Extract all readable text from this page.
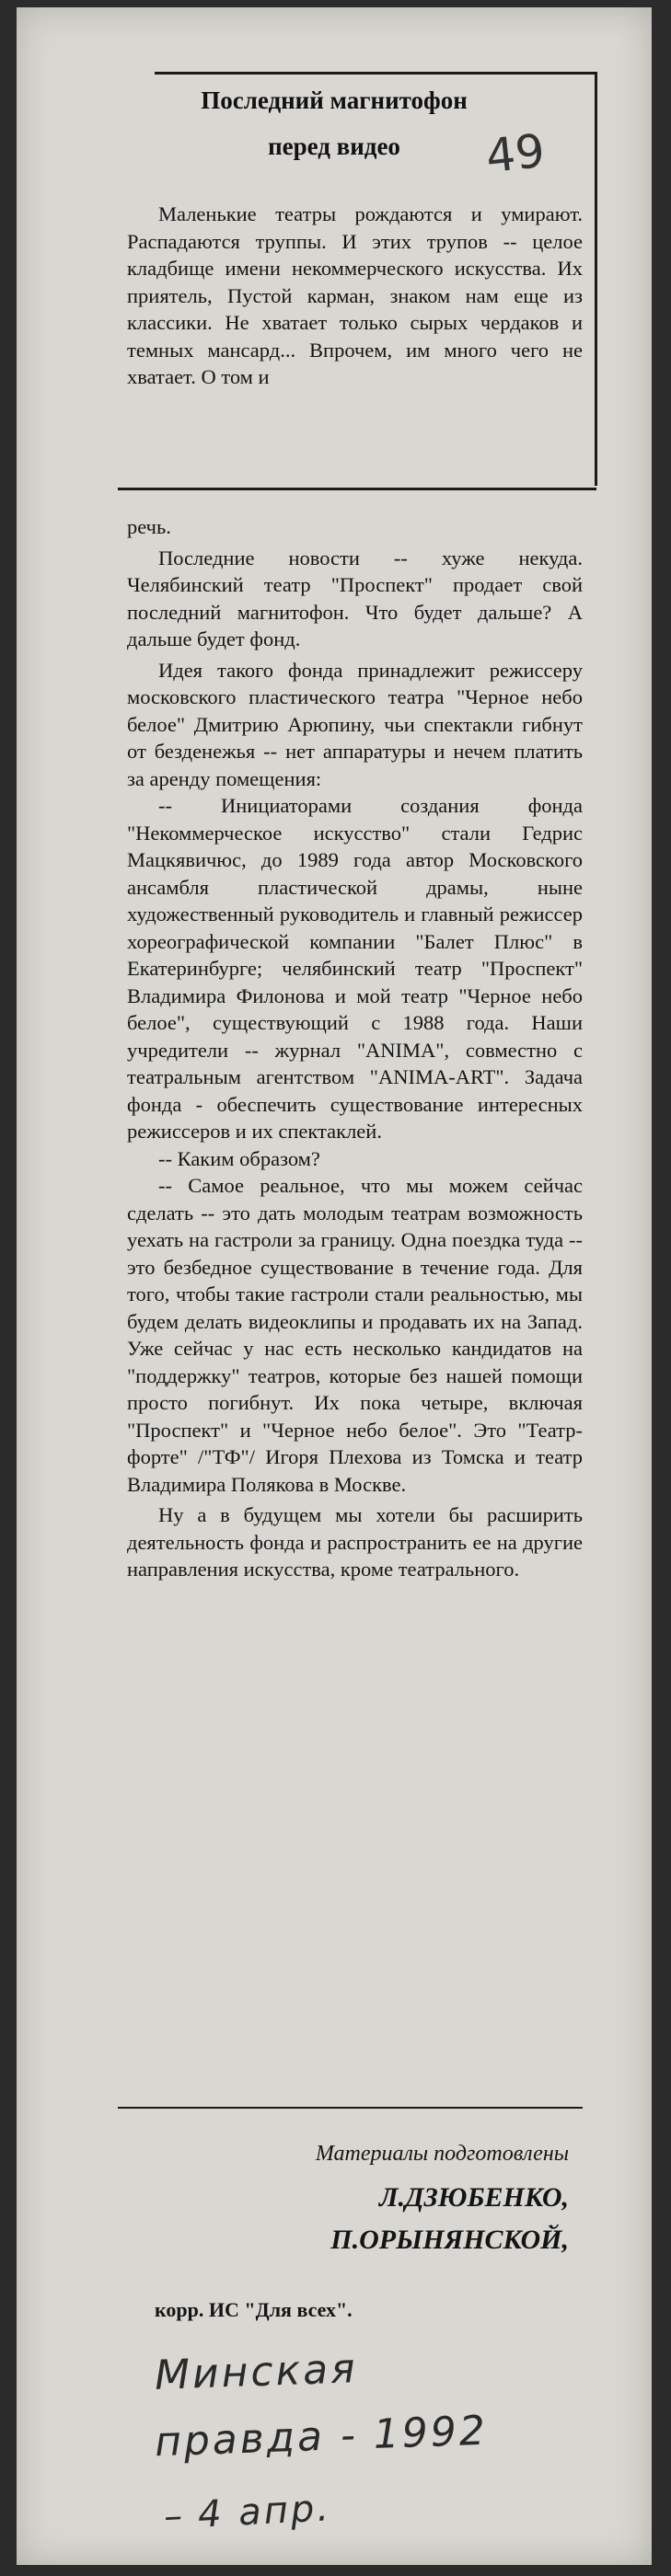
Последний магнитофон
перед видео	49

Маленькие театры рождаются и умирают. Распадаются труппы. И этих трупов -- целое кладбище имени некоммерческого искусства. Их приятель, Пустой карман, знаком нам еще из классики. Не хватает только сырых чердаков и темных мансард... Впрочем, им много чего не хватает. О том и

речь.

Последние новости -- хуже некуда. Челябинский театр "Проспект" продает свой последний магнитофон. Что будет дальше? А дальше будет фонд.

Идея такого фонда принадлежит режиссеру московского пластического театра "Черное небо белое" Дмитрию Арюпину, чьи спектакли гибнут от безденежья -- нет аппаратуры и нечем платить за аренду помещения:

-- Инициаторами создания фонда "Некоммерческое искусство" стали Гедрис Мацкявичюс, до 1989 года автор Московского ансамбля пластической драмы, ныне художественный руководитель и главный режиссер хореографической компании "Балет Плюс" в Екатеринбурге; челябинский театр "Проспект" Владимира Филонова и мой театр "Черное небо белое", существующий с 1988 года. Наши учредители -- журнал "ANIMA", совместно с театральным агентством "ANIMA-ART". Задача фонда - обеспечить существование интересных режиссеров и их спектаклей.

-- Каким образом?

-- Самое реальное, что мы можем сейчас сделать -- это дать молодым театрам возможность уехать на гастроли за границу. Одна поездка туда -- это безбедное существование в течение года. Для того, чтобы такие гастроли стали реальностью, мы будем делать видеоклипы и продавать их на Запад. Уже сейчас у нас есть несколько кандидатов на "поддержку" театров, которые без нашей помощи просто погибнут. Их пока четыре, включая "Проспект" и "Черное небо белое". Это "Театр-форте" /"ТФ"/ Игоря Плехова из Томска и театр Владимира Полякова в Москве.

Ну а в будущем мы хотели бы расширить деятельность фонда и распространить ее на другие направления искусства, кроме театрального.

Материалы подготовлены
Л.ДЗЮБЕНКО,
П.ОРЫНЯНСКОЙ,
корр. ИС "Для всех".
Минская
правда - 1992
– 4 апр.
